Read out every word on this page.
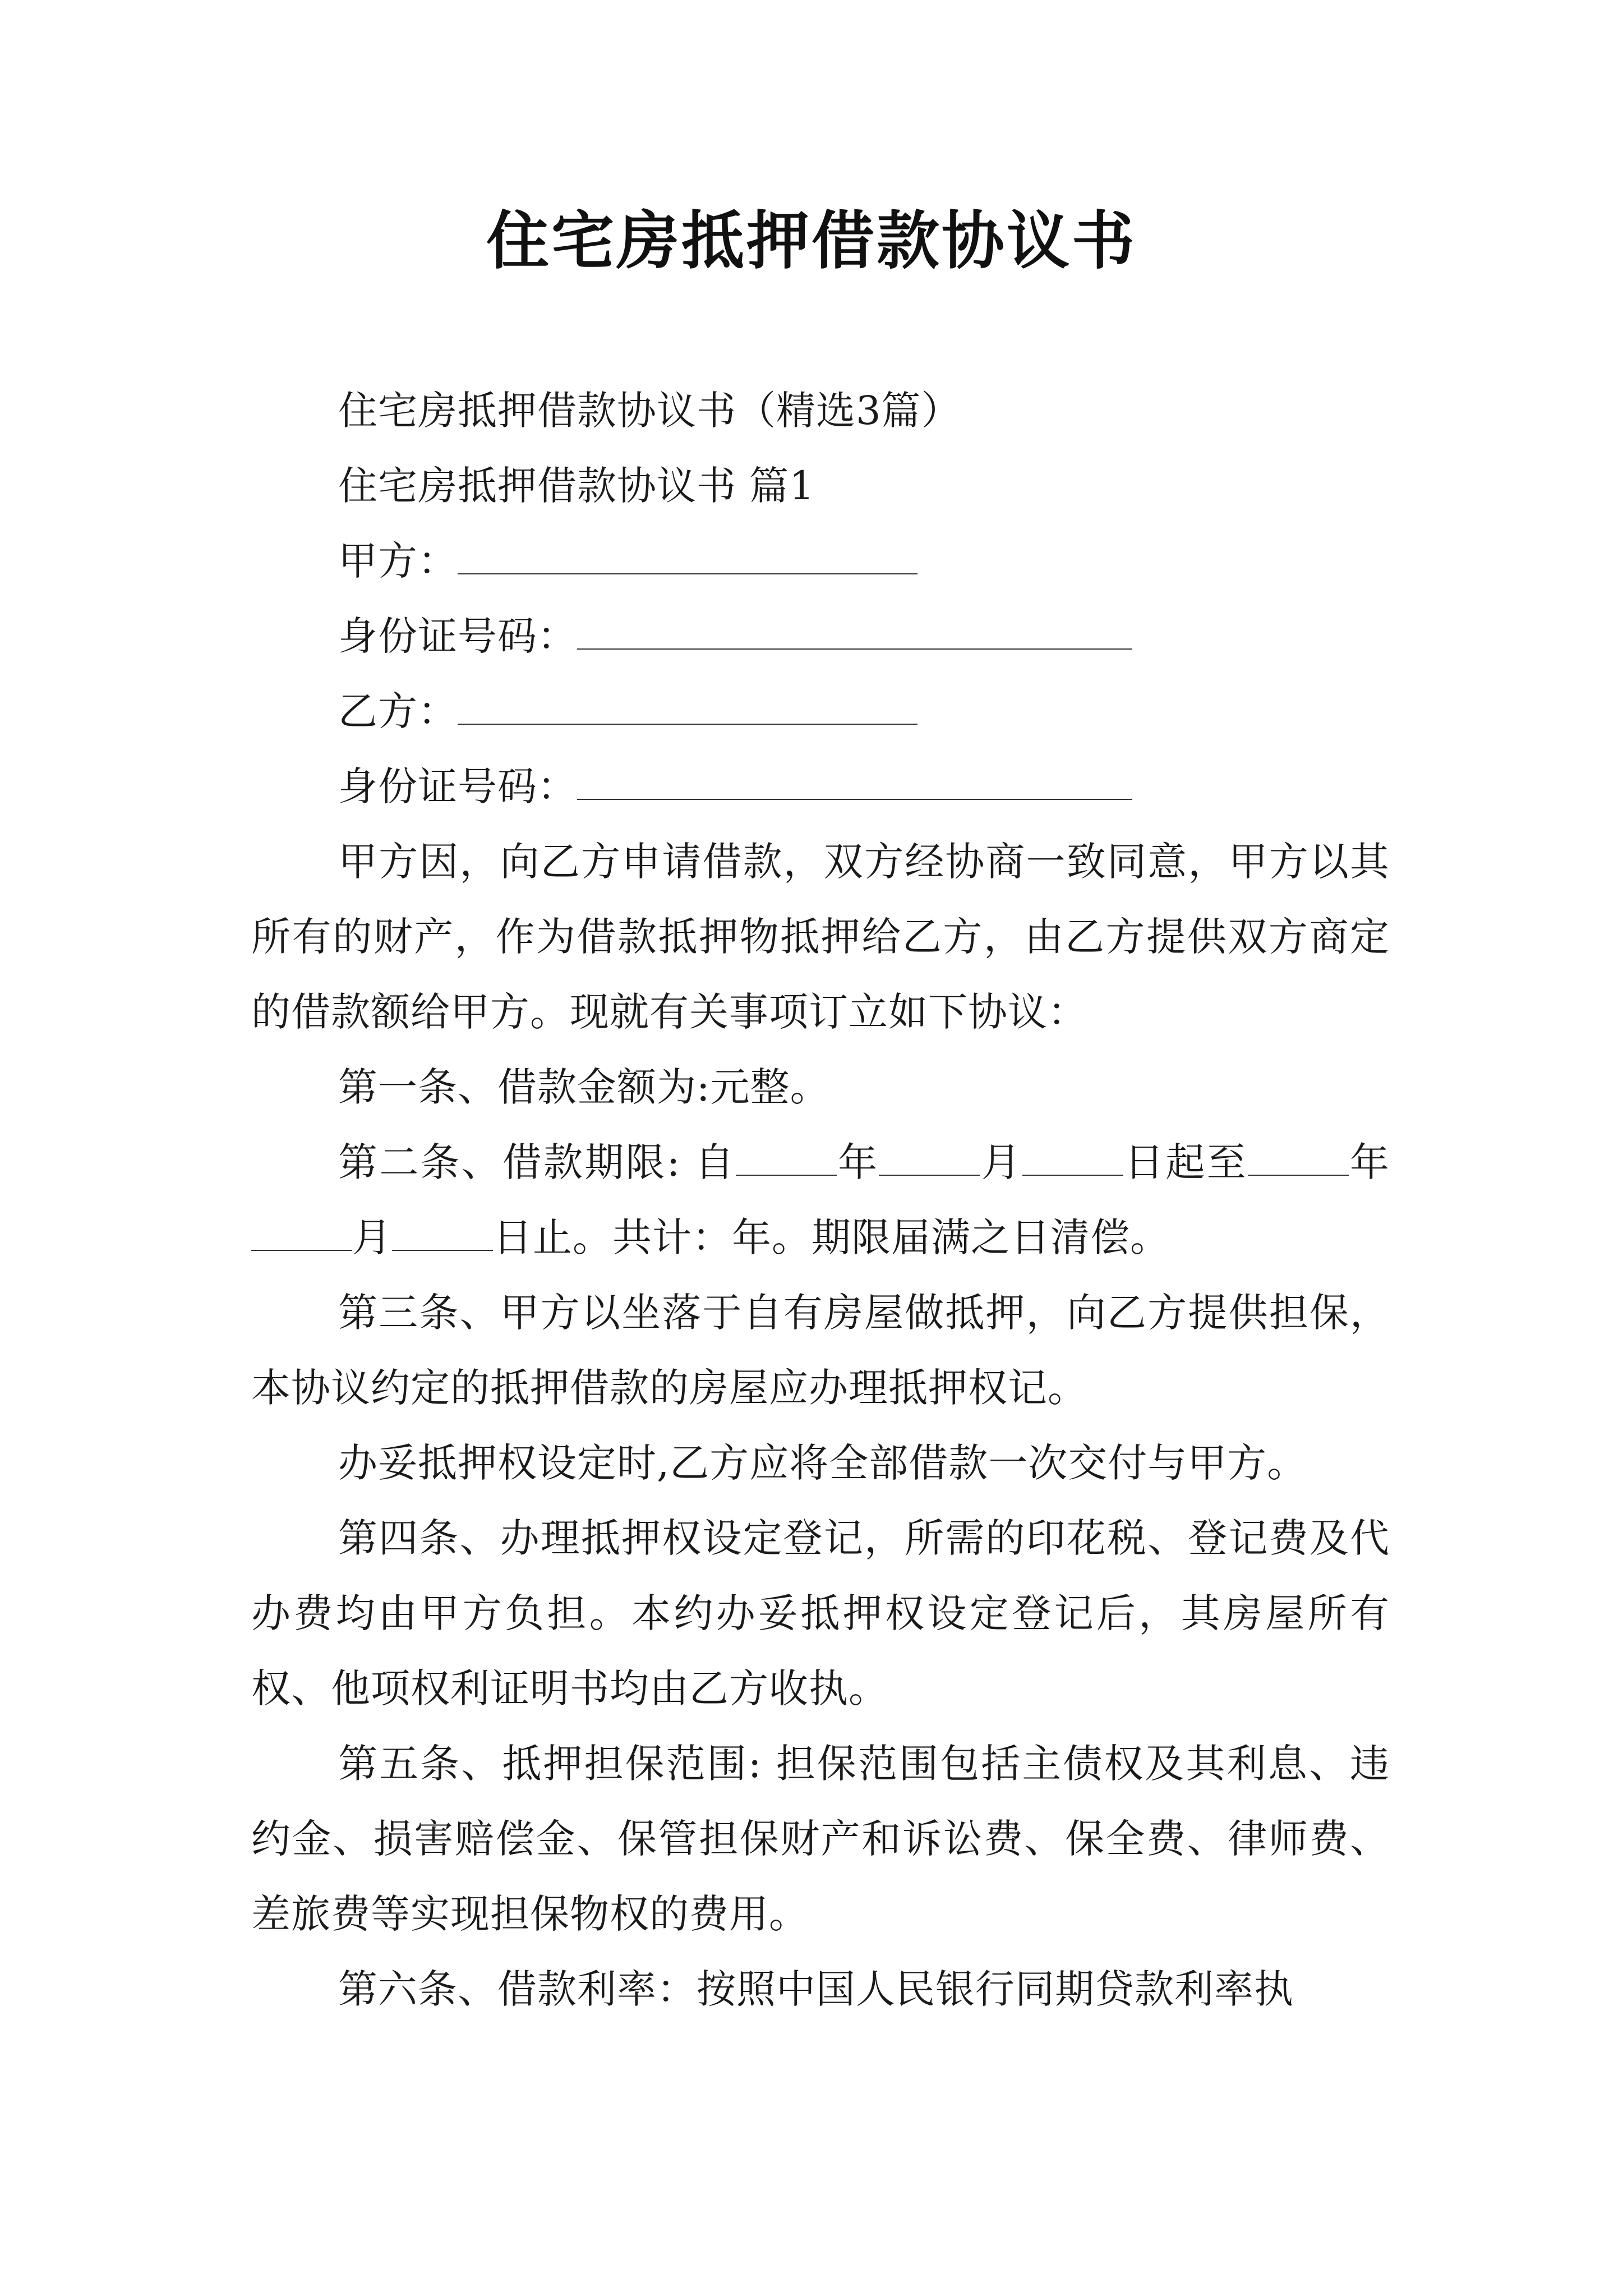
住宅房抵押借款协议书

住宅房抵押借款协议书（精选3篇）

住宅房抵押借款协议书 篇1

甲方：

身份证号码：

乙方：

身份证号码：

甲方因，向乙方申请借款，双方经协商一致同意，甲方以其所有的财产，作为借款抵押物抵押给乙方，由乙方提供双方商定的借款额给甲方。现就有关事项订立如下协议：

第一条、借款金额为:元整。

第二条、借款期限: 自	年	月	日起至	年月	日止。共计：年。期限届满之日清偿。

第三条、甲方以坐落于自有房屋做抵押，向乙方提供担保，本协议约定的抵押借款的房屋应办理抵押权记。

办妥抵押权设定时,乙方应将全部借款一次交付与甲方。

第四条、办理抵押权设定登记，所需的印花税、登记费及代办费均由甲方负担。本约办妥抵押权设定登记后，其房屋所有权、他项权利证明书均由乙方收执。

第五条、抵押担保范围: 担保范围包括主债权及其利息、违约金、损害赔偿金、保管担保财产和诉讼费、保全费、律师费、差旅费等实现担保物权的费用。

第六条、借款利率：按照中国人民银行同期贷款利率执
